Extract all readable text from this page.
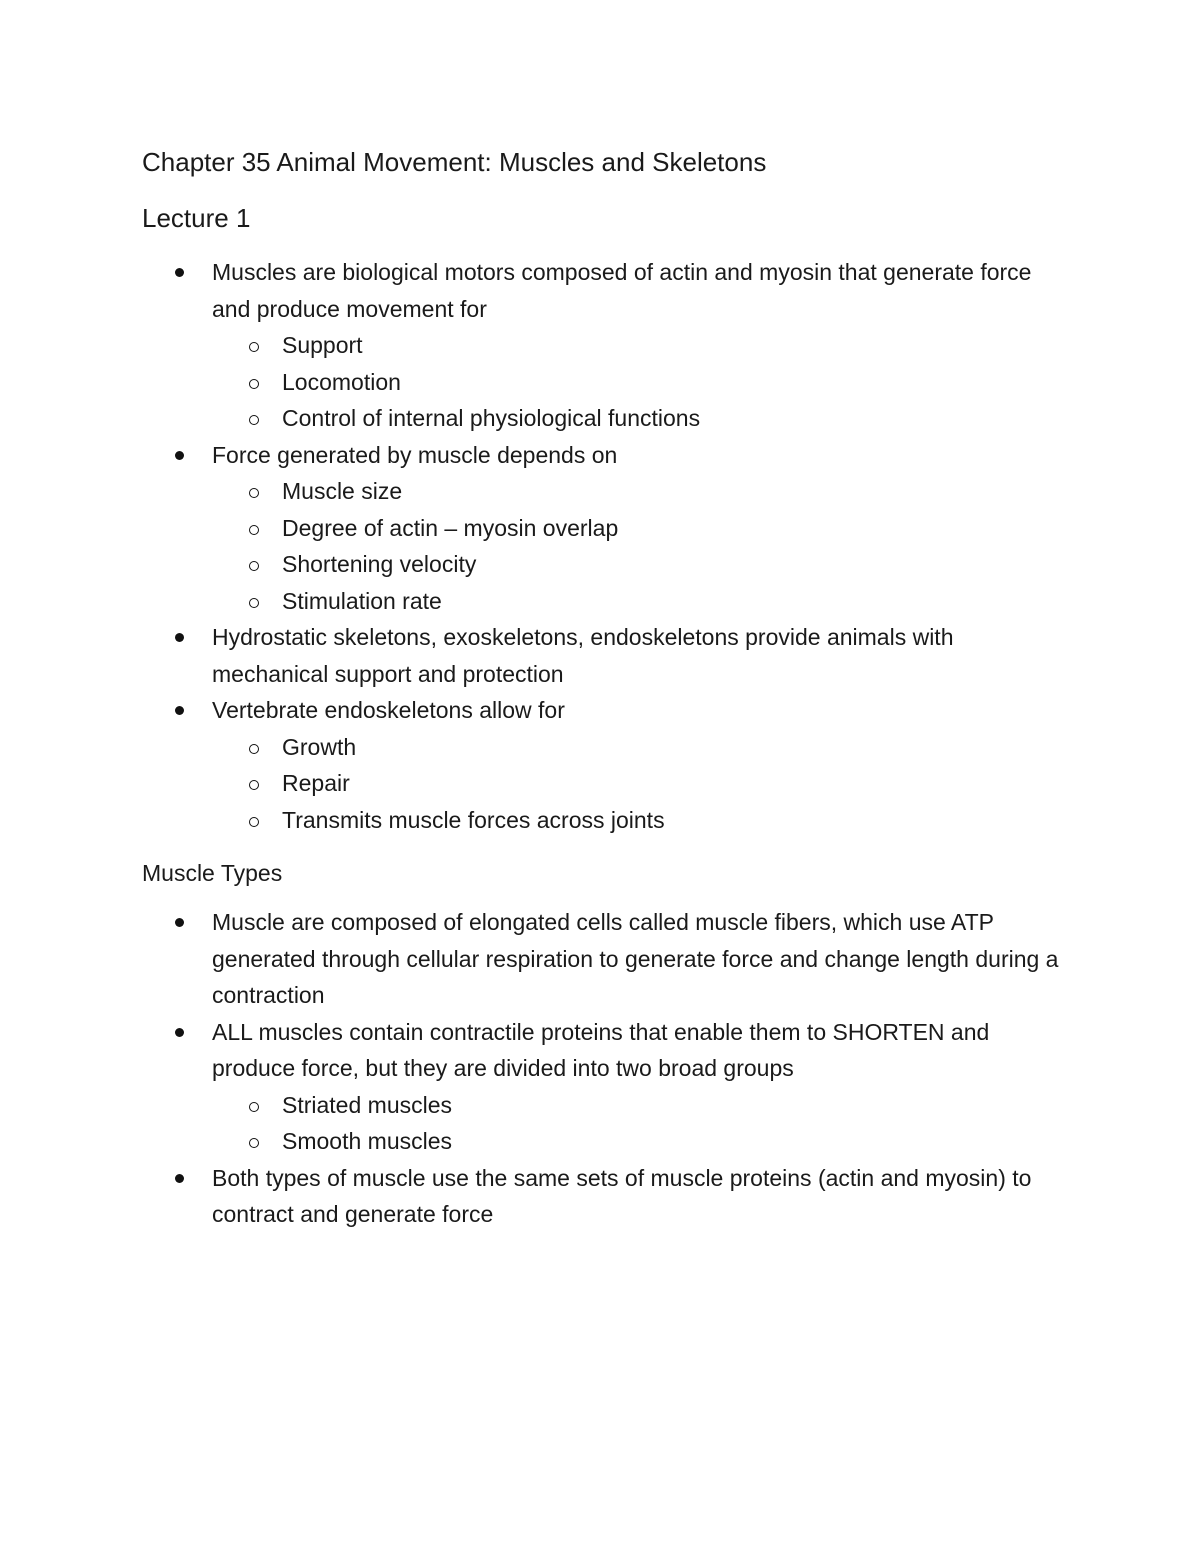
Chapter 35 Animal Movement: Muscles and Skeletons
Lecture 1
Muscles are biological motors composed of actin and myosin that generate force and produce movement for
Support
Locomotion
Control of internal physiological functions
Force generated by muscle depends on
Muscle size
Degree of actin – myosin overlap
Shortening velocity
Stimulation rate
Hydrostatic skeletons, exoskeletons, endoskeletons provide animals with mechanical support and protection
Vertebrate endoskeletons allow for
Growth
Repair
Transmits muscle forces across joints
Muscle Types
Muscle are composed of elongated cells called muscle fibers, which use ATP generated through cellular respiration to generate force and change length during a contraction
ALL muscles contain contractile proteins that enable them to SHORTEN and produce force, but they are divided into two broad groups
Striated muscles
Smooth muscles
Both types of muscle use the same sets of muscle proteins (actin and myosin) to contract and generate force
